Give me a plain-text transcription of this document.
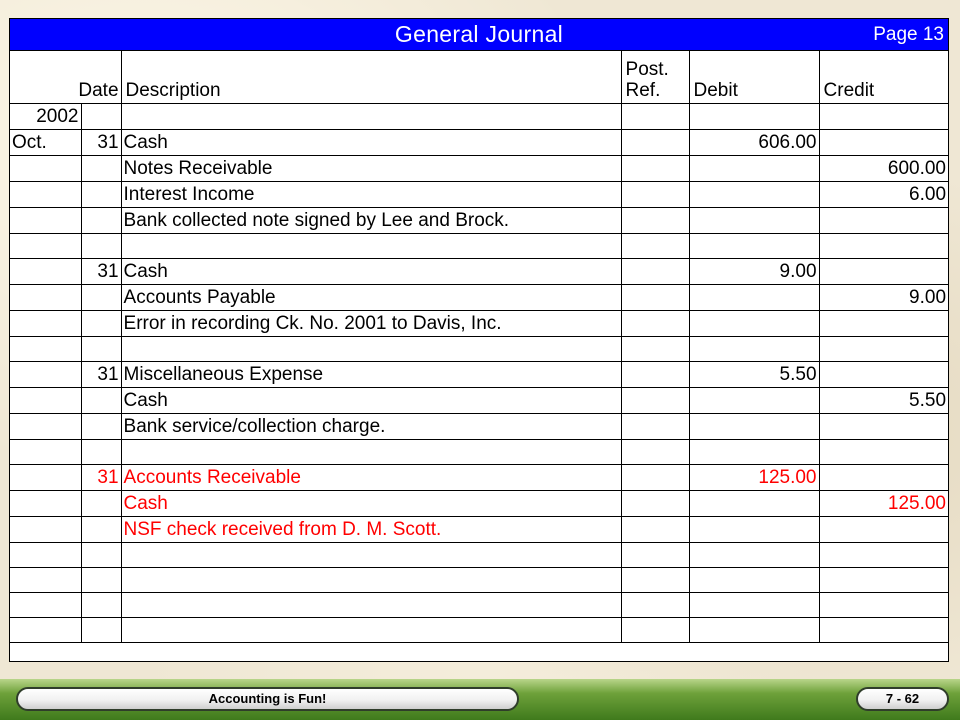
General Journal	Page 13
Date		Description	Post.
Ref.	Debit	Credit
2002					
Oct.	31	Cash		606.00	
		Notes Receivable			600.00
		Interest Income			6.00
		Bank collected note signed by Lee and Brock.			

	31	Cash		9.00	
		Accounts Payable			9.00
		Error in recording Ck. No. 2001 to Davis, Inc.			

	31	Miscellaneous Expense		5.50	
		Cash			5.50
		Bank service/collection charge.			

	31	Accounts Receivable		125.00	
		Cash			125.00
		NSF check received from D. M. Scott.			

Accounting is Fun!	7 - 62
